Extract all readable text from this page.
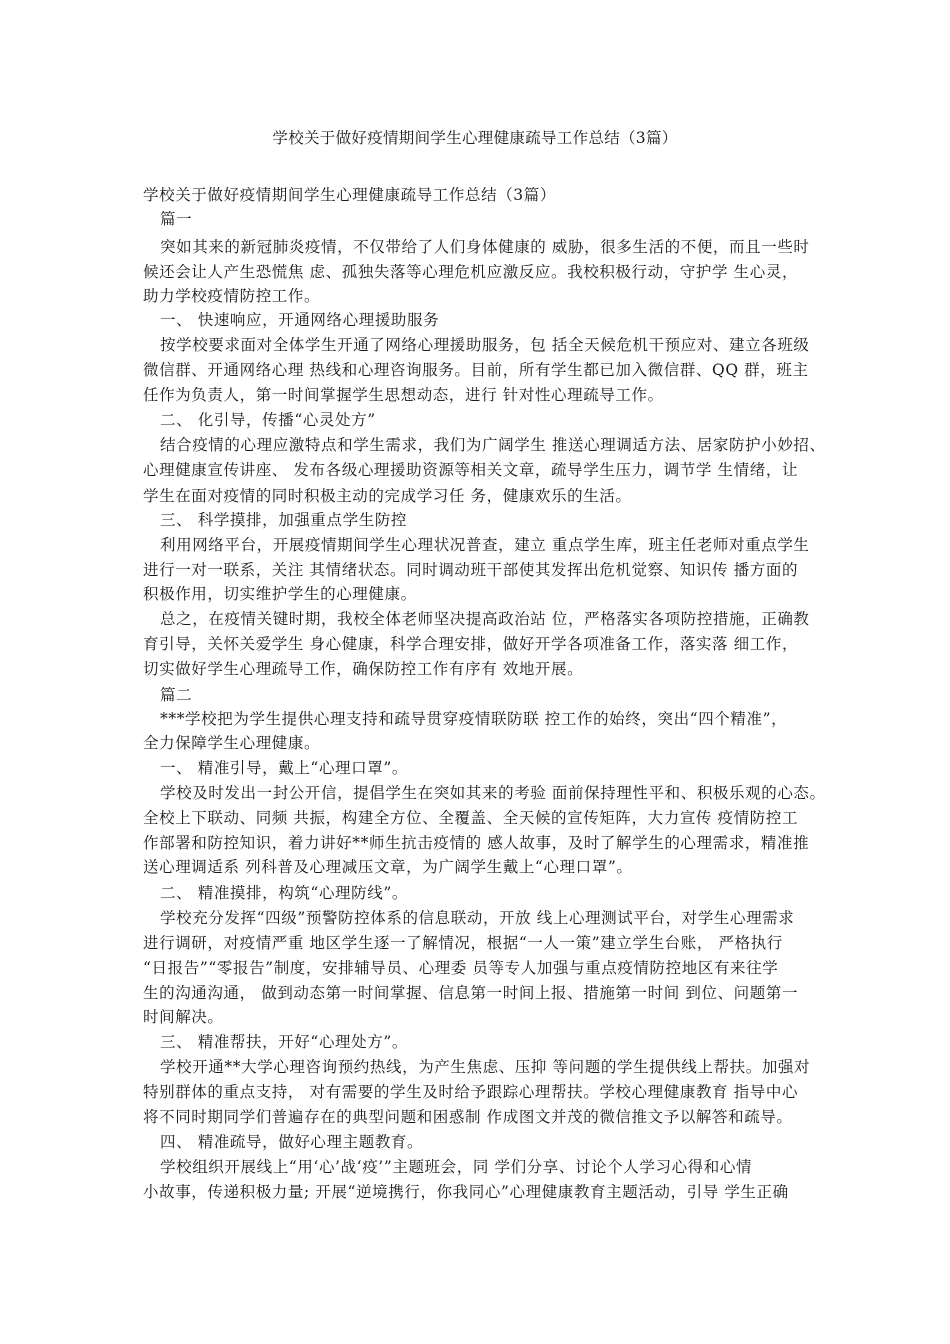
学校关于做好疫情期间学生心理健康疏导工作总结（3篇）
学校关于做好疫情期间学生心理健康疏导工作总结（3篇）
篇一
突如其来的新冠肺炎疫情，不仅带给了人们身体健康的 威胁，很多生活的不便，而且一些时
候还会让人产生恐慌焦 虑、孤独失落等心理危机应激反应。我校积极行动，守护学 生心灵，
助力学校疫情防控工作。
一、 快速响应，开通网络心理援助服务
按学校要求面对全体学生开通了网络心理援助服务，包 括全天候危机干预应对、建立各班级
微信群、开通网络心理 热线和心理咨询服务。目前，所有学生都已加入微信群、QQ 群，班主
任作为负责人，第一时间掌握学生思想动态，进行 针对性心理疏导工作。
二、 化引导，传播“心灵处方”
结合疫情的心理应激特点和学生需求，我们为广阔学生 推送心理调适方法、居家防护小妙招、
心理健康宣传讲座、 发布各级心理援助资源等相关文章，疏导学生压力，调节学 生情绪，让
学生在面对疫情的同时积极主动的完成学习任 务，健康欢乐的生活。
三、 科学摸排，加强重点学生防控
利用网络平台，开展疫情期间学生心理状况普查，建立 重点学生库，班主任老师对重点学生
进行一对一联系，关注 其情绪状态。同时调动班干部使其发挥出危机觉察、知识传 播方面的
积极作用，切实维护学生的心理健康。
总之，在疫情关键时期，我校全体老师坚决提高政治站 位，严格落实各项防控措施，正确教
育引导，关怀关爱学生 身心健康，科学合理安排，做好开学各项准备工作，落实落 细工作，
切实做好学生心理疏导工作，确保防控工作有序有 效地开展。
篇二
***学校把为学生提供心理支持和疏导贯穿疫情联防联 控工作的始终，突出“四个精准”，
全力保障学生心理健康。
一、 精准引导，戴上“心理口罩”。
学校及时发出一封公开信，提倡学生在突如其来的考验 面前保持理性平和、积极乐观的心态。
全校上下联动、同频 共振，构建全方位、全覆盖、全天候的宣传矩阵，大力宣传 疫情防控工
作部署和防控知识，着力讲好**师生抗击疫情的 感人故事，及时了解学生的心理需求，精准推
送心理调适系 列科普及心理减压文章，为广阔学生戴上“心理口罩”。
二、 精准摸排，构筑“心理防线”。
学校充分发挥“四级”预警防控体系的信息联动，开放 线上心理测试平台，对学生心理需求
进行调研，对疫情严重 地区学生逐一了解情况，根据“一人一策”建立学生台账， 严格执行
“日报告”“零报告”制度，安排辅导员、心理委 员等专人加强与重点疫情防控地区有来往学
生的沟通沟通， 做到动态第一时间掌握、信息第一时间上报、措施第一时间 到位、问题第一
时间解决。
三、 精准帮扶，开好“心理处方”。
学校开通**大学心理咨询预约热线，为产生焦虑、压抑 等问题的学生提供线上帮扶。加强对
特别群体的重点支持， 对有需要的学生及时给予跟踪心理帮扶。学校心理健康教育 指导中心
将不同时期同学们普遍存在的典型问题和困惑制 作成图文并茂的微信推文予以解答和疏导。
四、 精准疏导，做好心理主题教育。
学校组织开展线上“用‘心’战‘疫’”主题班会，同 学们分享、讨论个人学习心得和心情
小故事，传递积极力量; 开展“逆境携行，你我同心”心理健康教育主题活动，引导 学生正确
